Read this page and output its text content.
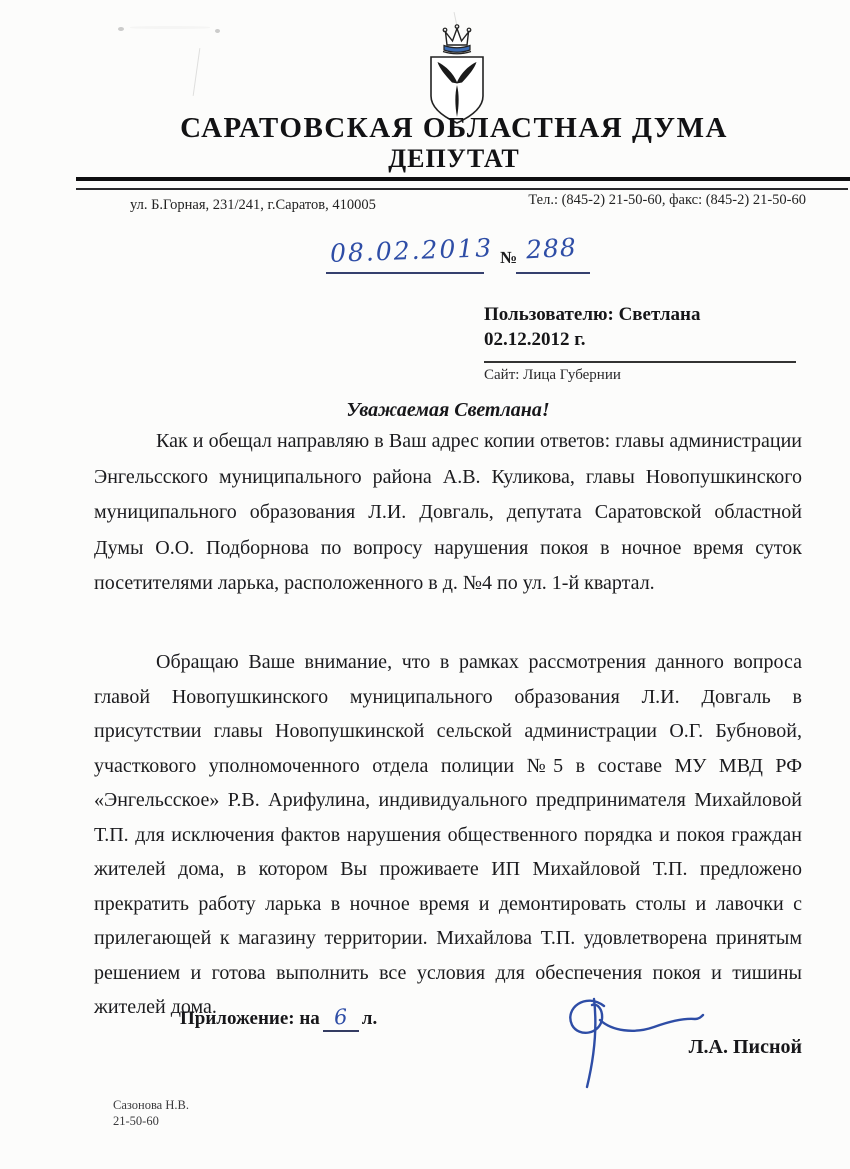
САРАТОВСКАЯ ОБЛАСТНАЯ ДУМА
ДЕПУТАТ
ул. Б.Горная, 231/241, г.Саратов, 410005	Тел.: (845-2) 21-50-60, факс: (845-2) 21-50-60
08.02.2013 № 288
Пользователю: Светлана
02.12.2012 г.
Сайт: Лица Губернии
Уважаемая Светлана!
Как и обещал направляю в Ваш адрес копии ответов: главы администрации Энгельсского муниципального района А.В. Куликова, главы Новопушкинского муниципального образования Л.И. Довгаль, депутата Саратовской областной Думы О.О. Подборнова по вопросу нарушения покоя в ночное время суток посетителями ларька, расположенного в д. №4 по ул. 1-й квартал.
Обращаю Ваше внимание, что в рамках рассмотрения данного вопроса главой Новопушкинского муниципального образования Л.И. Довгаль в присутствии главы Новопушкинской сельской администрации О.Г. Бубновой, участкового уполномоченного отдела полиции №5 в составе МУ МВД РФ «Энгельсское» Р.В. Арифулина, индивидуального предпринимателя Михайловой Т.П. для исключения фактов нарушения общественного порядка и покоя граждан жителей дома, в котором Вы проживаете ИП Михайловой Т.П. предложено прекратить работу ларька в ночное время и демонтировать столы и лавочки с прилегающей к магазину территории. Михайлова Т.П. удовлетворена принятым решением и готова выполнить все условия для обеспечения покоя и тишины жителей дома.
Приложение: на 6 л.
Л.А. Писной
Сазонова Н.В.
21-50-60
